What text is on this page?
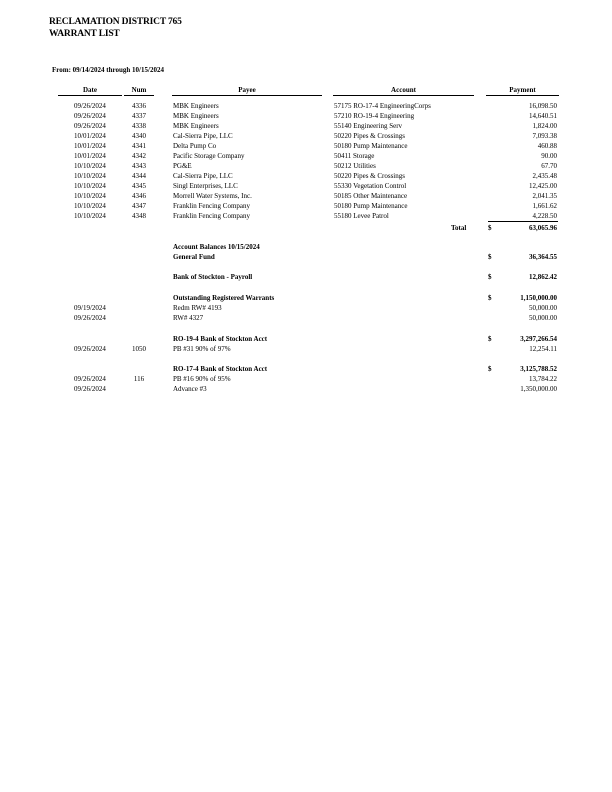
RECLAMATION DISTRICT 765
WARRANT LIST
From: 09/14/2024 through 10/15/2024
Date	Num	Payee	Account	Payment
09/26/2024	4336	MBK Engineers	57175 RO-17-4 EngineeringCorps	16,098.50
09/26/2024	4337	MBK Engineers	57210 RO-19-4 Engineering	14,640.51
09/26/2024	4338	MBK Engineers	55140 Engineering Serv	1,824.00
10/01/2024	4340	Cal-Sierra Pipe, LLC	50220 Pipes & Crossings	7,093.38
10/01/2024	4341	Delta Pump Co	50180 Pump Maintenance	460.88
10/01/2024	4342	Pacific Storage Company	50411 Storage	90.00
10/10/2024	4343	PG&E	50212 Utilities	67.70
10/10/2024	4344	Cal-Sierra Pipe, LLC	50220 Pipes & Crossings	2,435.48
10/10/2024	4345	Singl Enterprises, LLC	55330 Vegetation Control	12,425.00
10/10/2024	4346	Morrell Water Systems, Inc.	50185 Other Maintenance	2,041.35
10/10/2024	4347	Franklin Fencing Company	50180 Pump Maintenance	1,661.62
10/10/2024	4348	Franklin Fencing Company	55180 Levee Patrol	4,228.50
Total	$	63,065.96
Account Balances 10/15/2024
General Fund	$	36,364.55
Bank of Stockton - Payroll	$	12,862.42
Outstanding Registered Warrants	$	1,150,000.00
09/19/2024	Redm RW# 4193	50,000.00
09/26/2024	RW# 4327	50,000.00
RO-19-4 Bank of Stockton Acct	$	3,297,266.54
09/26/2024	1050	PB #31 90% of 97%	12,254.11
RO-17-4 Bank of Stockton Acct	$	3,125,788.52
09/26/2024	116	PB #16 90% of 95%	13,784.22
09/26/2024	Advance #3	1,350,000.00
